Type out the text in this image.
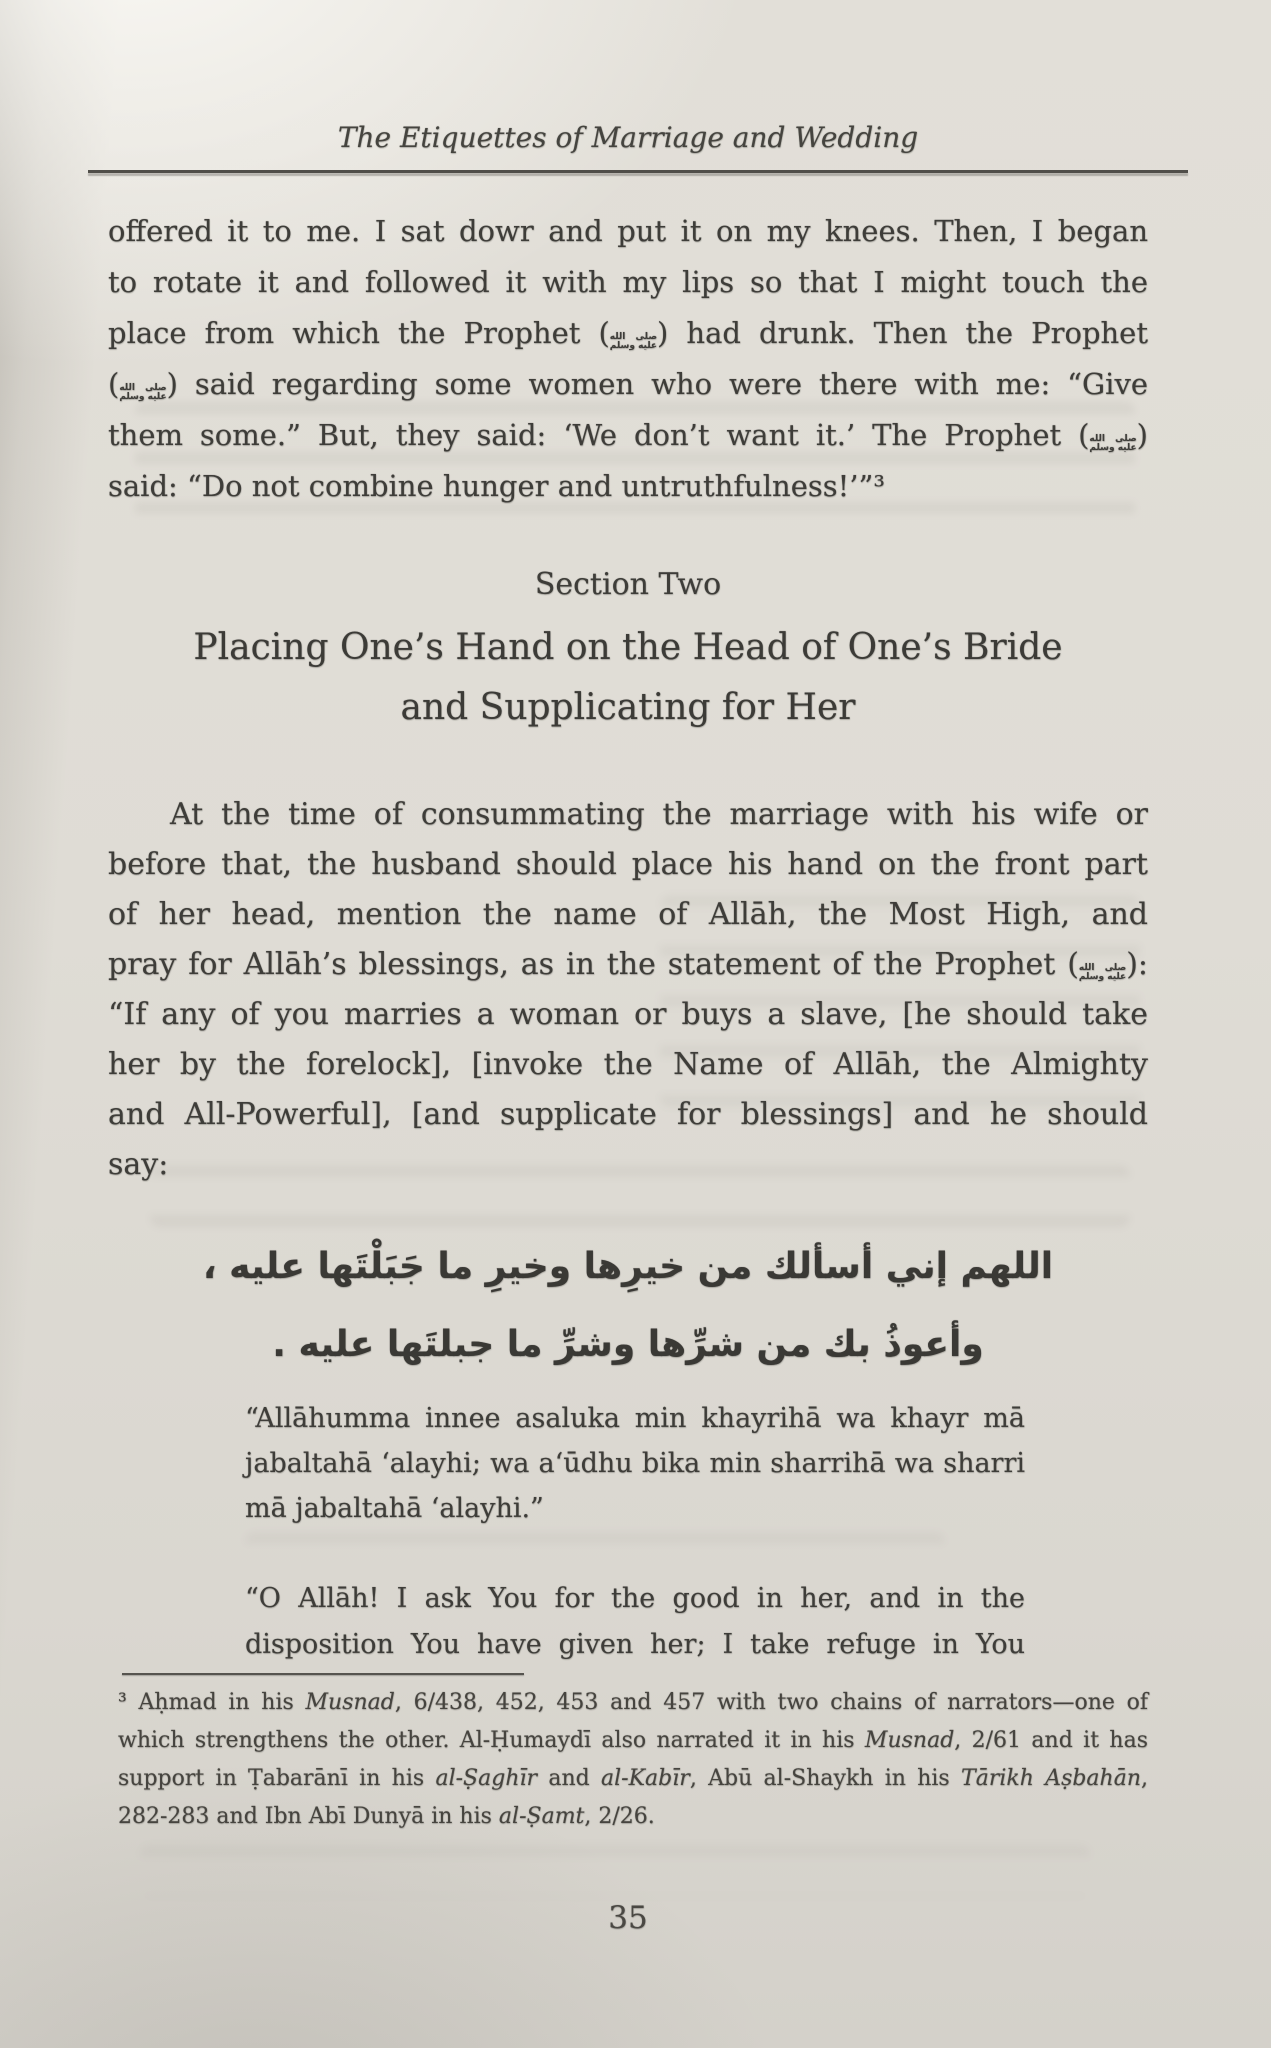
The Etiquettes of Marriage and Wedding
offered it to me. I sat dowr and put it on my knees. Then, I began
to rotate it and followed it with my lips so that I might touch the
place from which the Prophet (صلى الله
عليه وسلم) had drunk. Then the Prophet
(صلى الله
عليه وسلم) said regarding some women who were there with me: “Give
them some.” But, they said: ‘We don’t want it.’ The Prophet (صلى الله
عليه وسلم)
said: “Do not combine hunger and untruthfulness!’”³
Section Two
Placing One’s Hand on the Head of One’s Bride
and Supplicating for Her
At the time of consummating the marriage with his wife or
before that, the husband should place his hand on the front part
of her head, mention the name of Allāh, the Most High, and
pray for Allāh’s blessings, as in the statement of the Prophet (صلى الله
عليه وسلم):
“If any of you marries a woman or buys a slave, [he should take
her by the forelock], [invoke the Name of Allāh, the Almighty
and All-Powerful], [and supplicate for blessings] and he should
say:
اللهم إني أسألك من خيرِها وخيرِ ما جَبَلْتَها عليه ،
وأعوذُ بك من شرِّها وشرِّ ما جبلتَها عليه .
“Allāhumma innee asaluka min khayrihā wa khayr mā
jabaltahā ‘alayhi; wa a‘ūdhu bika min sharrihā wa sharri
mā jabaltahā ‘alayhi.”
“O Allāh! I ask You for the good in her, and in the
disposition You have given her; I take refuge in You
³ Aḥmad in his Musnad, 6/438, 452, 453 and 457 with two chains of narrators—one of
which strengthens the other. Al-Ḥumaydī also narrated it in his Musnad, 2/61 and it has
support in Ṭabarānī in his al-Ṣaghīr and al-Kabīr, Abū al-Shaykh in his Tārikh Aṣbahān,
282-283 and Ibn Abī Dunyā in his al-Ṣamt, 2/26.
35
